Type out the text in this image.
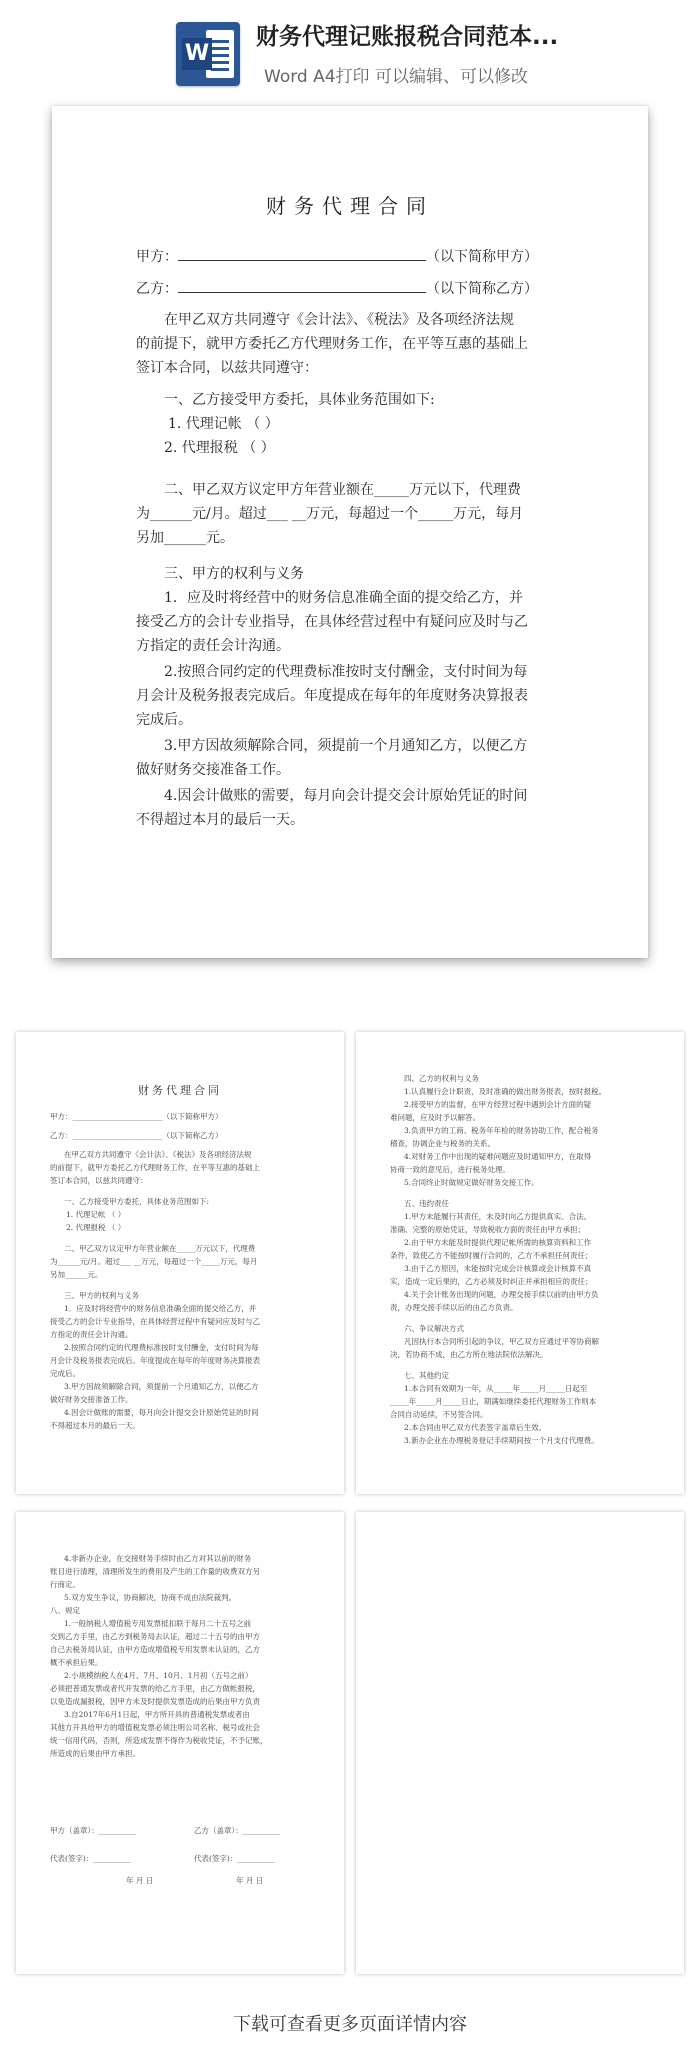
W
财务代理记账报税合同范本...
Word A4打印 可以编辑、可以修改
财务代理合同
甲方：	（以下简称甲方）
乙方：	（以下简称乙方）
在甲乙双方共同遵守《会计法》、《税法》及各项经济法规
的前提下，就甲方委托乙方代理财务工作，在平等互惠的基础上
签订本合同，以兹共同遵守：
一、乙方接受甲方委托，具体业务范围如下:
1. 代理记帐 （ ）
2. 代理报税 （ ）
二、甲乙双方议定甲方年营业额在_____万元以下，代理费
为______元/月。超过___ __万元，每超过一个_____万元，每月
另加______元。
三、甲方的权利与义务
1．应及时将经营中的财务信息准确全面的提交给乙方，并
接受乙方的会计专业指导，在具体经营过程中有疑问应及时与乙
方指定的责任会计沟通。
2.按照合同约定的代理费标准按时支付酬金，支付时间为每
月会计及税务报表完成后。年度提成在每年的年度财务决算报表
完成后。
3.甲方因故须解除合同，须提前一个月通知乙方，以便乙方
做好财务交接准备工作。
4.因会计做账的需要，每月向会计提交会计原始凭证的时间
不得超过本月的最后一天。
财务代理合同
甲方：________________________（以下简称甲方）
乙方：________________________（以下简称乙方）
在甲乙双方共同遵守《会计法》、《税法》及各项经济法规
的前提下，就甲方委托乙方代理财务工作，在平等互惠的基础上
签订本合同，以兹共同遵守：
一、乙方接受甲方委托，具体业务范围如下:
1. 代理记帐 （ ）
2. 代理报税 （ ）
二、甲乙双方议定甲方年营业额在_____万元以下，代理费
为______元/月。超过___ __万元，每超过一个_____万元，每月
另加______元。
三、甲方的权利与义务
1．应及时将经营中的财务信息准确全面的提交给乙方，并
接受乙方的会计专业指导，在具体经营过程中有疑问应及时与乙
方指定的责任会计沟通。
2.按照合同约定的代理费标准按时支付酬金，支付时间为每
月会计及税务报表完成后。年度提成在每年的年度财务决算报表
完成后。
3.甲方因故须解除合同，须提前一个月通知乙方，以便乙方
做好财务交接准备工作。
4.因会计做账的需要，每月向会计提交会计原始凭证的时间
不得超过本月的最后一天。
四、乙方的权利与义务
1.认真履行会计职责，及时准确的做出财务报表，按时报税。
2.接受甲方的监督，在甲方经营过程中遇到会计方面的疑
难问题，应及时予以解答。
3.负责甲方的工商、税务年年检的财务协助工作，配合税务
稽查，协调企业与税务的关系。
4.对财务工作中出现的疑难问题应及时通知甲方，在取得
协商一致的意见后，进行税务处理。
5.合同终止时做规定做好财务交接工作。
五、违约责任
1.甲方未能履行其责任，未及时向乙方提供真实、合法、
准确、完整的原始凭证，导致税收方面的责任由甲方承担；
2.由于甲方未能及时提供代理记帐所需的核算资料和工作
条件，致使乙方不能按时履行合同的，乙方不承担任何责任；
3.由于乙方原因，未能按时完成会计核算或会计核算不真
实，造成一定后果的，乙方必须及时纠正并承担相应的责任；
4.关于会计账务出现的问题，办理交接手续以前的由甲方负
责，办理交接手续以后的由乙方负责。
六、争议解决方式
凡因执行本合同所引起的争议，甲乙双方应通过平等协商解
决，若协商不成，由乙方所在地法院依法解决。
七、其他约定
1.本合同有效期为一年，从_____年_____月_____日起至
_____年_____月_____日止，期满如继续委托代理财务工作则本
合同自动延续，不另签合同。
2.本合同由甲乙双方代表签字盖章后生效。
3.新办企业在办理税务登记手续期间按一个月支付代理费。
4.非新办企业，在交接财务手续时由乙方对其以前的财务
账目进行清理，清理所发生的费用及产生的工作量的收费双方另
行商定。
5.双方发生争议，协商解决，协商不成由法院裁判。
八、规定
1.一般纳税人增值税专用发票抵扣联于每月二十五号之前
交到乙方手里，由乙方到税务局去认证，超过二十五号的由甲方
自己去税务局认证，由甲方造成增值税专用发票未认证的，乙方
概不承担后果。
2.小规模纳税人在4月、7月、10月、1月初（五号之前）
必须把普通发票或者代开发票的给乙方手里，由乙方做帐报税，
以免造成漏报税，因甲方未及时提供发票造成的后果由甲方负责
3.自2017年6月1日起，甲方所开具的普通税发票或者由
其他方开具给甲方的增值税发票必须注明公司名称、税号或社会
统一信用代码，否则，所造成发票不得作为税收凭证，不予记账，
所造成的后果由甲方承担。
甲方（盖章）：__________	乙方（盖章）：__________
代表(签字)：__________	代表(签字)：__________
年 月 日	年 月 日
下载可查看更多页面详情内容
